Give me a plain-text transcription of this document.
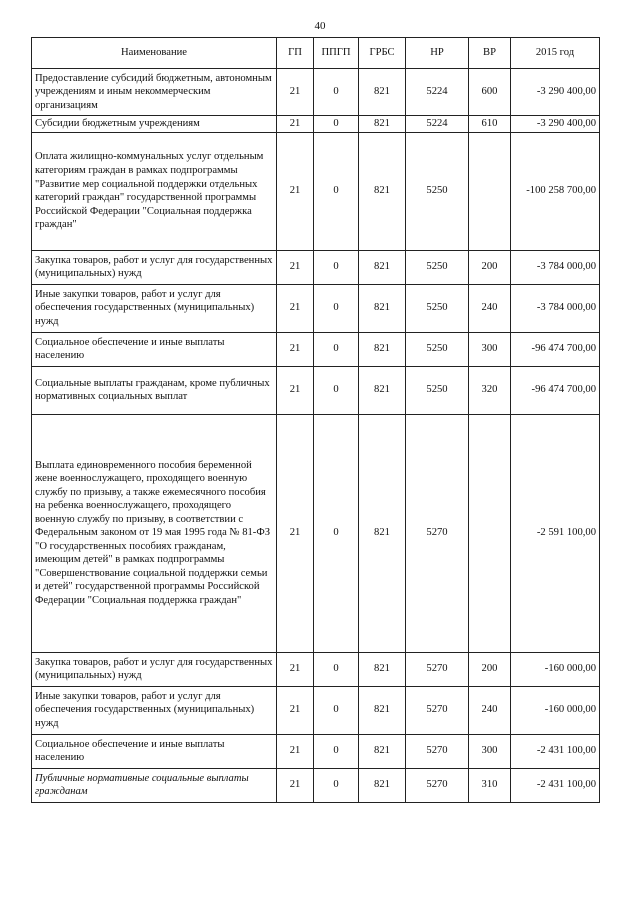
40
Наименование	ГП	ППГП	ГРБС	НР	ВР	2015 год
Предоставление субсидий бюджетным, автономным учреждениям и иным некоммерческим организациям	21	0	821	5224	600	-3 290 400,00
Субсидии бюджетным учреждениям	21	0	821	5224	610	-3 290 400,00
Оплата жилищно-коммунальных услуг отдельным категориям граждан в рамках подпрограммы "Развитие мер социальной поддержки отдельных категорий граждан" государственной программы Российской Федерации "Социальная поддержка граждан"	21	0	821	5250		-100 258 700,00
Закупка товаров, работ и услуг для государственных (муниципальных) нужд	21	0	821	5250	200	-3 784 000,00
Иные закупки товаров, работ и услуг для обеспечения государственных (муниципальных) нужд	21	0	821	5250	240	-3 784 000,00
Социальное обеспечение и иные выплаты населению	21	0	821	5250	300	-96 474 700,00
Социальные выплаты гражданам, кроме публичных нормативных социальных выплат	21	0	821	5250	320	-96 474 700,00
Выплата единовременного пособия беременной жене военнослужащего, проходящего военную службу по призыву, а также ежемесячного пособия на ребенка военнослужащего, проходящего военную службу по призыву, в соответствии с Федеральным законом от 19 мая 1995 года № 81-ФЗ "О государственных пособиях гражданам, имеющим детей" в рамках подпрограммы "Совершенствование социальной поддержки семьи и детей" государственной программы Российской Федерации "Социальная поддержка граждан"	21	0	821	5270		-2 591 100,00
Закупка товаров, работ и услуг для государственных (муниципальных) нужд	21	0	821	5270	200	-160 000,00
Иные закупки товаров, работ и услуг для обеспечения государственных (муниципальных) нужд	21	0	821	5270	240	-160 000,00
Социальное обеспечение и иные выплаты населению	21	0	821	5270	300	-2 431 100,00
Публичные нормативные социальные выплаты гражданам	21	0	821	5270	310	-2 431 100,00
